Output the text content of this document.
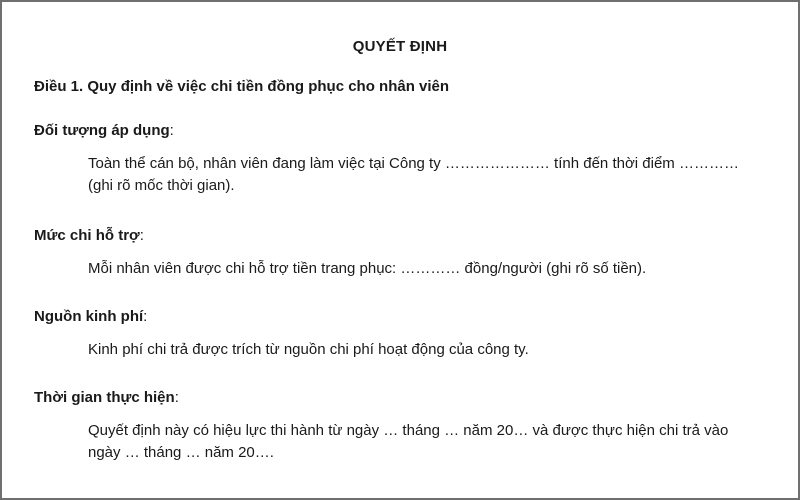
QUYẾT ĐỊNH
Điều 1. Quy định về việc chi tiền đồng phục cho nhân viên
Đối tượng áp dụng:
Toàn thể cán bộ, nhân viên đang làm việc tại Công ty ………………… tính đến thời điểm ………… (ghi rõ mốc thời gian).
Mức chi hỗ trợ:
Mỗi nhân viên được chi hỗ trợ tiền trang phục: ………… đồng/người (ghi rõ số tiền).
Nguồn kinh phí:
Kinh phí chi trả được trích từ nguồn chi phí hoạt động của công ty.
Thời gian thực hiện:
Quyết định này có hiệu lực thi hành từ ngày … tháng … năm 20… và được thực hiện chi trả vào ngày … tháng … năm 20….
